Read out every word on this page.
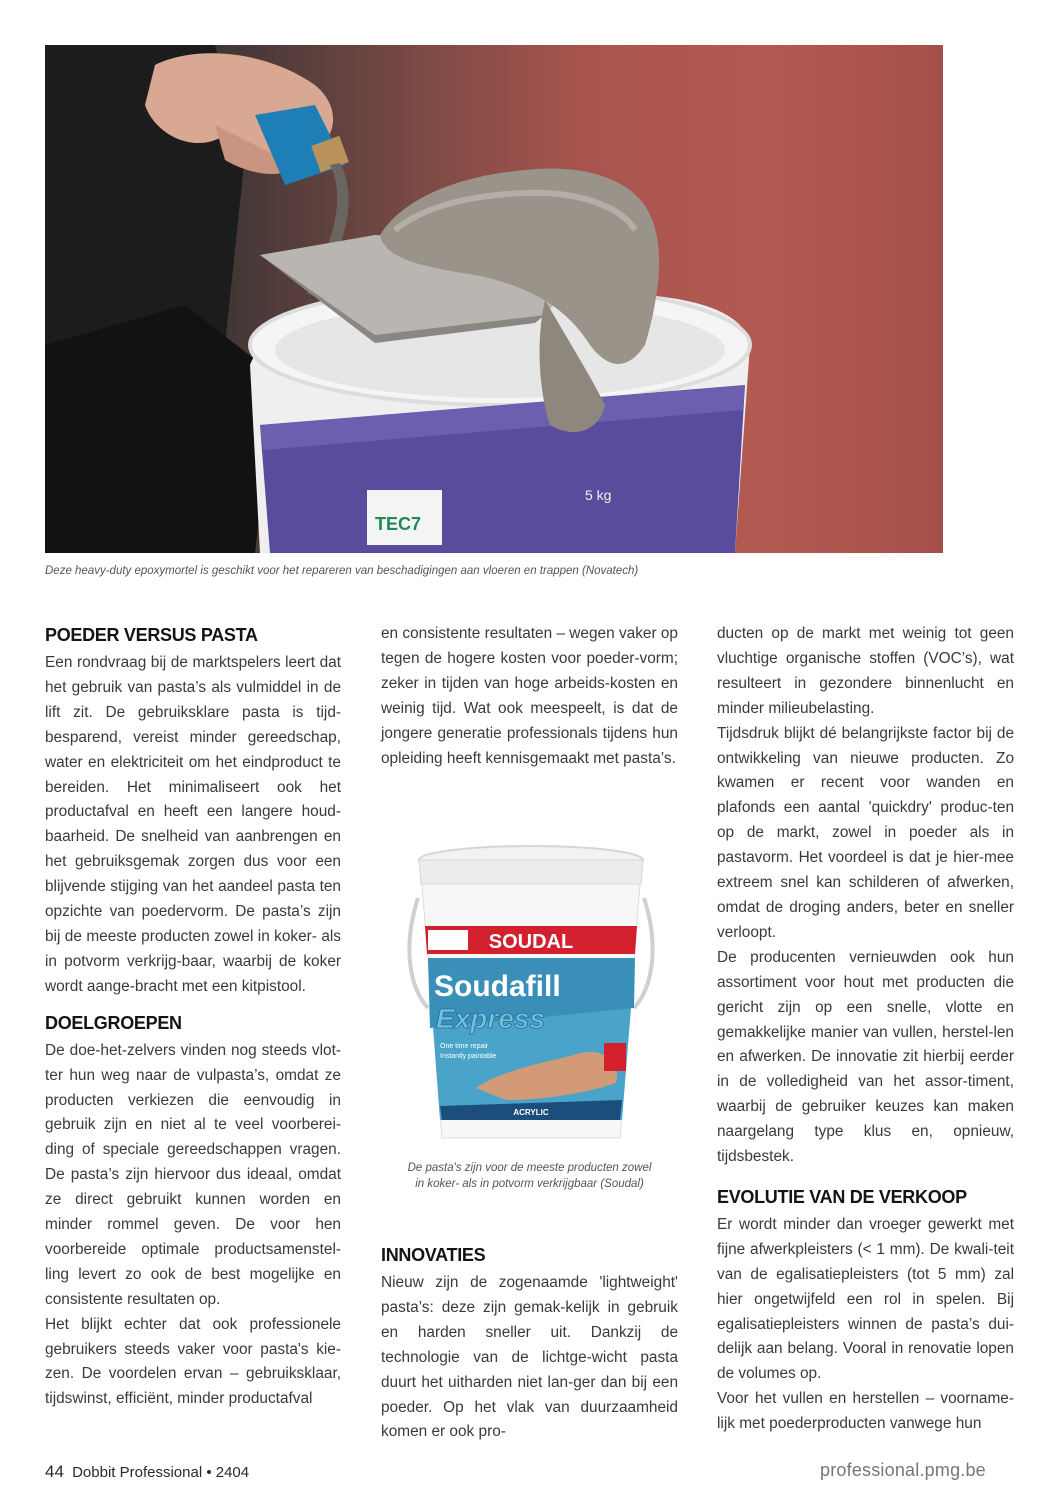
TEC7
5 kg
Deze heavy-duty epoxymortel is geschikt voor het repareren van beschadigingen aan vloeren en trappen (Novatech)
POEDER VERSUS PASTA

Een rondvraag bij de marktspelers leert dat het gebruik van pasta’s als vulmiddel in de lift zit. De gebruiksklare pasta is tijd-besparend, vereist minder gereedschap, water en elektriciteit om het eindproduct te bereiden. Het minimaliseert ook het productafval en heeft een langere houd-baarheid. De snelheid van aanbrengen en het gebruiksgemak zorgen dus voor een blijvende stijging van het aandeel pasta ten opzichte van poedervorm. De pasta’s zijn bij de meeste producten zowel in koker- als in potvorm verkrijg-baar, waarbij de koker wordt aange-bracht met een kitpistool.

DOELGROEPEN

De doe-het-zelvers vinden nog steeds vlot-ter hun weg naar de vulpasta’s, omdat ze producten verkiezen die eenvoudig in gebruik zijn en niet al te veel voorberei-ding of speciale gereedschappen vragen. De pasta’s zijn hiervoor dus ideaal, omdat ze direct gebruikt kunnen worden en minder rommel geven. De voor hen voorbereide optimale productsamenstel-ling levert zo ook de best mogelijke en consistente resultaten op.

Het blijkt echter dat ook professionele gebruikers steeds vaker voor pasta's kie-zen. De voordelen ervan – gebruiksklaar, tijdswinst, efficiënt, minder productafval

en consistente resultaten – wegen vaker op tegen de hogere kosten voor poeder-vorm; zeker in tijden van hoge arbeids-kosten en weinig tijd. Wat ook meespeelt, is dat de jongere generatie professionals tijdens hun opleiding heeft kennisgemaakt met pasta’s.

SOUDAL
Soudafill
Express
One time repair
Instantly paintable
ACRYLIC
De pasta's zijn voor de meeste producten zowel
in koker- als in potvorm verkrijgbaar (Soudal)
INNOVATIES

Nieuw zijn de zogenaamde 'lightweight' pasta’s: deze zijn gemak-kelijk in gebruik en harden sneller uit. Dankzij de technologie van de lichtge-wicht pasta duurt het uitharden niet lan-ger dan bij een poeder. Op het vlak van duurzaamheid komen er ook pro-

ducten op de markt met weinig tot geen vluchtige organische stoffen (VOC’s), wat resulteert in gezondere binnenlucht en minder milieubelasting.

Tijdsdruk blijkt dé belangrijkste factor bij de ontwikkeling van nieuwe producten. Zo kwamen er recent voor wanden en plafonds een aantal 'quickdry' produc-ten op de markt, zowel in poeder als in pastavorm. Het voordeel is dat je hier-mee extreem snel kan schilderen of afwerken, omdat de droging anders, beter en sneller verloopt.

De producenten vernieuwden ook hun assortiment voor hout met producten die gericht zijn op een snelle, vlotte en gemakkelijke manier van vullen, herstel-len en afwerken. De innovatie zit hierbij eerder in de volledigheid van het assor-timent, waarbij de gebruiker keuzes kan maken naargelang type klus en, opnieuw, tijdsbestek.

EVOLUTIE VAN DE VERKOOP

Er wordt minder dan vroeger gewerkt met fijne afwerkpleisters (< 1 mm). De kwali-teit van de egalisatiepleisters (tot 5 mm) zal hier ongetwijfeld een rol in spelen. Bij egalisatiepleisters winnen de pasta’s dui-delijk aan belang. Vooral in renovatie lopen de volumes op.

Voor het vullen en herstellen – voorname-lijk met poederproducten vanwege hun

44 Dobbit Professional • 2404	professional.pmg.be
